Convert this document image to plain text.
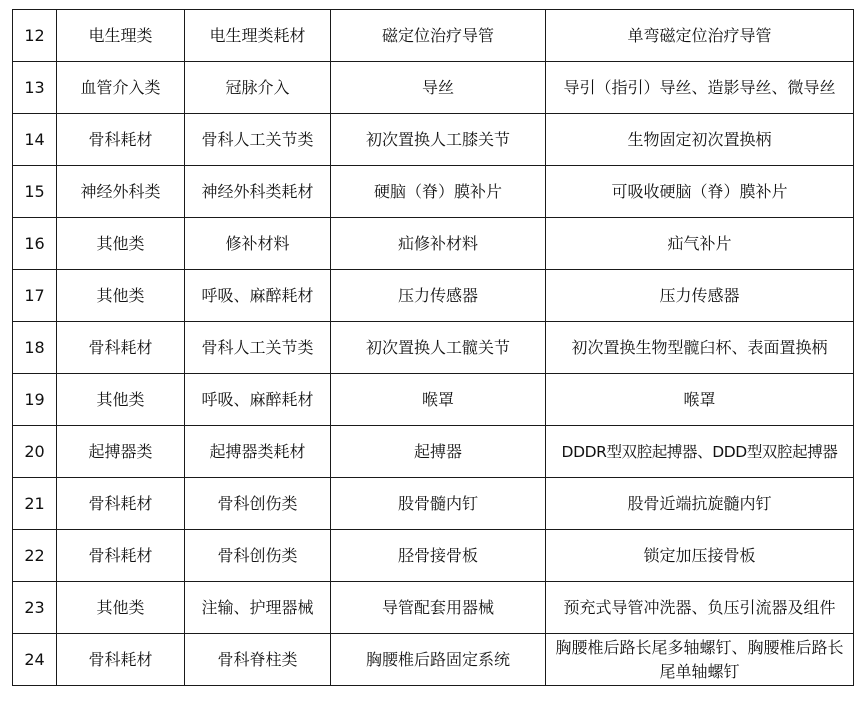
12	电生理类	电生理类耗材	磁定位治疗导管	单弯磁定位治疗导管
13	血管介入类	冠脉介入	导丝	导引（指引）导丝、造影导丝、微导丝
14	骨科耗材	骨科人工关节类	初次置换人工膝关节	生物固定初次置换柄
15	神经外科类	神经外科类耗材	硬脑（脊）膜补片	可吸收硬脑（脊）膜补片
16	其他类	修补材料	疝修补材料	疝气补片
17	其他类	呼吸、麻醉耗材	压力传感器	压力传感器
18	骨科耗材	骨科人工关节类	初次置换人工髋关节	初次置换生物型髋臼杯、表面置换柄
19	其他类	呼吸、麻醉耗材	喉罩	喉罩
20	起搏器类	起搏器类耗材	起搏器	DDDR型双腔起搏器、DDD型双腔起搏器
21	骨科耗材	骨科创伤类	股骨髓内钉	股骨近端抗旋髓内钉
22	骨科耗材	骨科创伤类	胫骨接骨板	锁定加压接骨板
23	其他类	注输、护理器械	导管配套用器械	预充式导管冲洗器、负压引流器及组件
24	骨科耗材	骨科脊柱类	胸腰椎后路固定系统	胸腰椎后路长尾多轴螺钉、胸腰椎后路长尾单轴螺钉
